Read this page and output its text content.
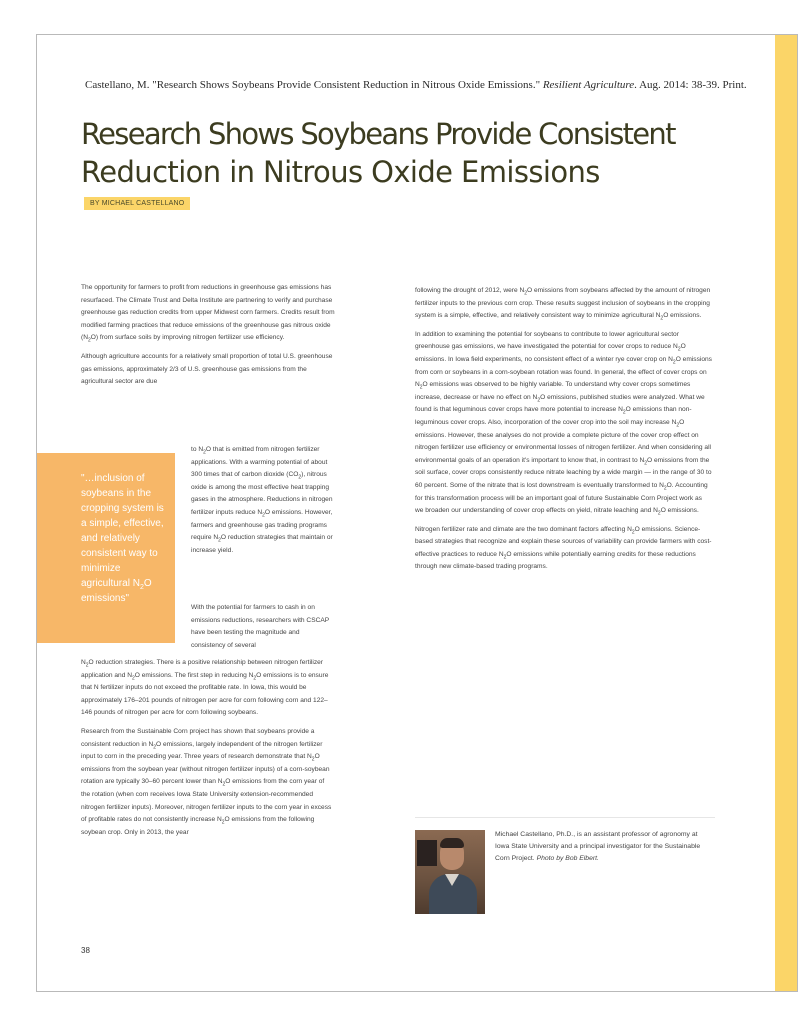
Castellano, M. "Research Shows Soybeans Provide Consistent Reduction in Nitrous Oxide Emissions." Resilient Agriculture. Aug. 2014: 38-39. Print.
Research Shows Soybeans Provide Consistent
Reduction in Nitrous Oxide Emissions
BY MICHAEL CASTELLANO

The opportunity for farmers to profit from reductions in greenhouse gas emissions has resurfaced. The Climate Trust and Delta Institute are partnering to verify and purchase greenhouse gas reduction credits from upper Midwest corn farmers. Credits result from modified farming practices that reduce emissions of the greenhouse gas nitrous oxide $(N_2O)$ from surface soils by improving nitrogen fertilizer use efficiency.

Although agriculture accounts for a relatively small proportion of total U.S. greenhouse gas emissions, approximately 2/3 of U.S. greenhouse gas emissions from the agricultural sector are due

"…inclusion of soybeans in the cropping system is a simple, effective, and relatively consistent way to minimize agricultural $N_2O$ emissions"

to $N_2O$ that is emitted from nitrogen fertilizer applications. With a warming potential of about 300 times that of carbon dioxide $(CO_2)$, nitrous oxide is among the most effective heat trapping gases in the atmosphere. Reductions in nitrogen fertilizer inputs reduce $N_2O$ emissions. However, farmers and greenhouse gas trading programs require $N_2O$ reduction strategies that maintain or increase yield.

With the potential for farmers to cash in on emissions reductions, researchers with CSCAP have been testing the magnitude and consistency of several

$N_2O$ reduction strategies. There is a positive relationship between nitrogen fertilizer application and $N_2O$ emissions. The first step in reducing $N_2O$ emissions is to ensure that N fertilizer inputs do not exceed the profitable rate. In Iowa, this would be approximately 176–201 pounds of nitrogen per acre for corn following corn and 122–146 pounds of nitrogen per acre for corn following soybeans.

Research from the Sustainable Corn project has shown that soybeans provide a consistent reduction in $N_2O$ emissions, largely independent of the nitrogen fertilizer input to corn in the preceding year. Three years of research demonstrate that $N_2O$ emissions from the soybean year (without nitrogen fertilizer inputs) of a corn-soybean rotation are typically 30–60 percent lower than $N_2O$ emissions from the corn year of the rotation (when corn receives Iowa State University extension-recommended nitrogen fertilizer inputs). Moreover, nitrogen fertilizer inputs to the corn year in excess of profitable rates do not consistently increase $N_2O$ emissions from the following soybean crop. Only in 2013, the year

following the drought of 2012, were $N_2O$ emissions from soybeans affected by the amount of nitrogen fertilizer inputs to the previous corn crop. These results suggest inclusion of soybeans in the cropping system is a simple, effective, and relatively consistent way to minimize agricultural $N_2O$ emissions.

In addition to examining the potential for soybeans to contribute to lower agricultural sector greenhouse gas emissions, we have investigated the potential for cover crops to reduce $N_2O$ emissions. In Iowa field experiments, no consistent effect of a winter rye cover crop on $N_2O$ emissions from corn or soybeans in a corn-soybean rotation was found. In general, the effect of cover crops on $N_2O$ emissions was observed to be highly variable. To understand why cover crops sometimes increase, decrease or have no effect on $N_2O$ emissions, published studies were analyzed. What we found is that leguminous cover crops have more potential to increase $N_2O$ emissions than non-leguminous cover crops. Also, incorporation of the cover crop into the soil may increase $N_2O$ emissions. However, these analyses do not provide a complete picture of the cover crop effect on nitrogen fertilizer use efficiency or environmental losses of nitrogen fertilizer. And when considering all environmental goals of an operation it's important to know that, in contrast to $N_2O$ emissions from the soil surface, cover crops consistently reduce nitrate leaching by a wide margin — in the range of 30 to 60 percent. Some of the nitrate that is lost downstream is eventually transformed to $N_2O$. Accounting for this transformation process will be an important goal of future Sustainable Corn Project work as we broaden our understanding of cover crop effects on yield, nitrate leaching and $N_2O$ emissions.

Nitrogen fertilizer rate and climate are the two dominant factors affecting $N_2O$ emissions. Science-based strategies that recognize and explain these sources of variability can provide farmers with cost-effective practices to reduce $N_2O$ emissions while potentially earning credits for these reductions through new climate-based trading programs.

Michael Castellano, Ph.D., is an assistant professor of agronomy at Iowa State University and a principal investigator for the Sustainable Corn Project. Photo by Bob Elbert.
38
